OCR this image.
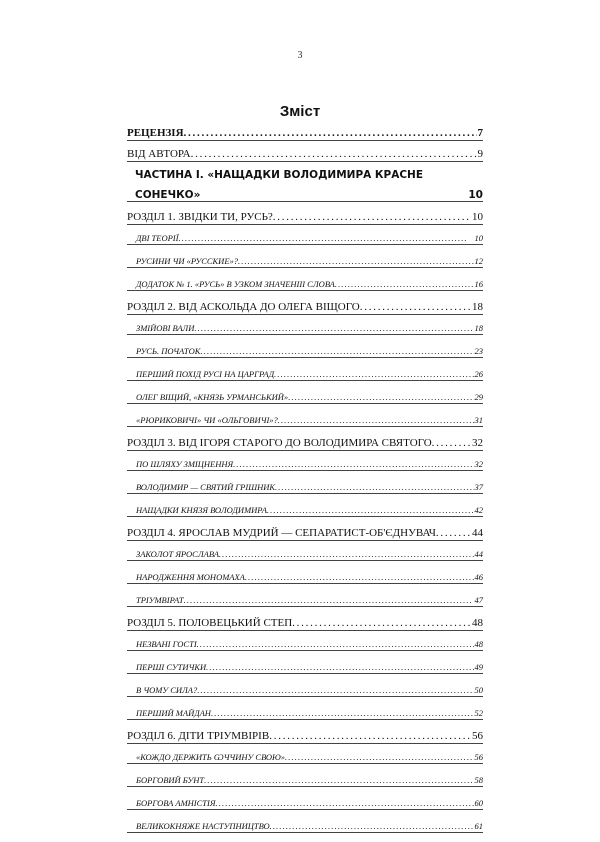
3
Зміст
РЕЦЕНЗІЯ . . .	7
ВІД АВТОРА . . .	9
ЧАСТИНА I. «НАЩАДКИ ВОЛОДИМИРА КРАСНЕ
СОНЕЧКО»	10
РОЗДІЛ 1. ЗВІДКИ ТИ, РУСЬ? . . .	10
ДВІ ТЕОРІЇ . . .	10
РУСИНИ ЧИ «РУССКИЕ»? . . .	12
ДОДАТОК № 1. «РУСЬ» В УЗКОМ ЗНАЧЕНІІІ СЛОВА . . .	16
РОЗДІЛ 2. ВІД АСКОЛЬДА ДО ОЛЕГА ВІЩОГО . . .	18
ЗМІЙОВІ ВАЛИ . . .	18
РУСЬ. ПОЧАТОК . . .	23
ПЕРШИЙ ПОХІД РУСІ НА ЦАРГРАД . . .	26
ОЛЕГ ВІЩИЙ, «КНЯЗЬ УРМАНСЬКИЙ» . . .	29
«РЮРИКОВИЧІ» ЧИ «ОЛЬГОВИЧІ»? . . .	31
РОЗДІЛ 3. ВІД ІГОРЯ СТАРОГО ДО ВОЛОДИМИРА СВЯТОГО . . .	32
ПО ШЛЯХУ ЗМІЦНЕННЯ . . .	32
ВОЛОДИМИР — СВЯТИЙ ГРІШНИК . . .	37
НАЩАДКИ КНЯЗЯ ВОЛОДИМИРА . . .	42
РОЗДІЛ 4. ЯРОСЛАВ МУДРИЙ — СЕПАРАТИСТ-ОБ'ЄДНУВАЧ . . .	44
ЗАКОЛОТ ЯРОСЛАВА . . .	44
НАРОДЖЕННЯ МОНОМАХА . . .	46
ТРІУМВІРАТ . . .	47
РОЗДІЛ 5. ПОЛОВЕЦЬКИЙ СТЕП . . .	48
НЕЗВАНІ ГОСТІ . . .	48
ПЕРШІ СУТИЧКИ . . .	49
В ЧОМУ СИЛА? . . .	50
ПЕРШИЙ МАЙДАН . . .	52
РОЗДІЛ 6. ДІТИ ТРІУМВІРІВ . . .	56
«КОЖДО ДЕРЖИТЬ ѠЧЧИНУ СВОЮ» . . .	56
БОРГОВИЙ БУНТ . . .	58
БОРГОВА АМНІСТІЯ . . .	60
ВЕЛИКОКНЯЖЕ НАСТУПНИЦТВО . . .	61
